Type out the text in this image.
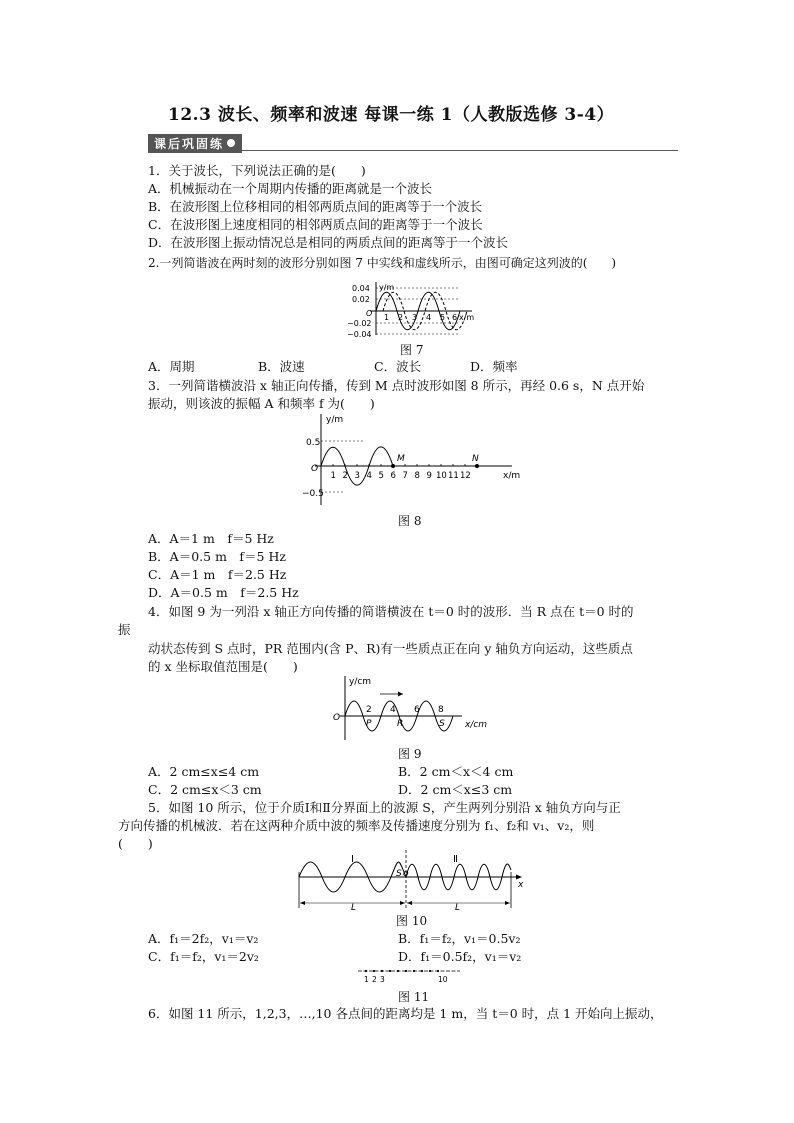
12.3 波长、频率和波速 每课一练 1（人教版选修 3-4）
课后巩固练
1．关于波长，下列说法正确的是(　　)
A．机械振动在一个周期内传播的距离就是一个波长
B．在波形图上位移相同的相邻两质点间的距离等于一个波长
C．在波形图上速度相同的相邻两质点间的距离等于一个波长
D．在波形图上振动情况总是相同的两质点间的距离等于一个波长
2.一列简谐波在两时刻的波形分别如图 7 中实线和虚线所示，由图可确定这列波的(　　)
y/m
x/m
O
0.04
0.02
−0.02
−0.04
1 2 3 4 5 6
图 7
A．周期	B．波速	C．波长	D．频率
3．一列简谐横波沿 x 轴正向传播，传到 M 点时波形如图 8 所示，再经 0.6 s，N 点开始
振动，则该波的振幅 A 和频率 f 为(　　)
y/m
x/m
O
0.5
−0.5
M	N
1 2 3 4 5 6 7 8 9 10 11 12
图 8
A．A＝1 m　f＝5 Hz
B．A＝0.5 m　f＝5 Hz
C．A＝1 m　f＝2.5 Hz
D．A＝0.5 m　f＝2.5 Hz
4．如图 9 为一列沿 x 轴正方向传播的简谐横波在 t＝0 时的波形．当 R 点在 t＝0 时的
振
动状态传到 S 点时，PR 范围内(含 P、R)有一些质点正在向 y 轴负方向运动，这些质点
的 x 坐标取值范围是(　　)
y/cm
x/cm
O
2 4 6 8
P	R	S
图 9
A．2 cm≤x≤4 cm	B．2 cm＜x＜4 cm
C．2 cm≤x＜3 cm	D．2 cm＜x≤3 cm
5．如图 10 所示，位于介质Ⅰ和Ⅱ分界面上的波源 S，产生两列分别沿 x 轴负方向与正
方向传播的机械波．若在这两种介质中波的频率及传播速度分别为 f₁、f₂和 v₁、v₂，则
(　　)
Ⅰ	Ⅱ
S O
x
L	L
图 10
A．f₁＝2f₂，v₁＝v₂	B．f₁＝f₂，v₁＝0.5v₂
C．f₁＝f₂，v₁＝2v₂	D．f₁＝0.5f₂，v₁＝v₂
1 2 3	10
图 11
6．如图 11 所示，1,2,3，…,10 各点间的距离均是 1 m，当 t＝0 时，点 1 开始向上振动，
